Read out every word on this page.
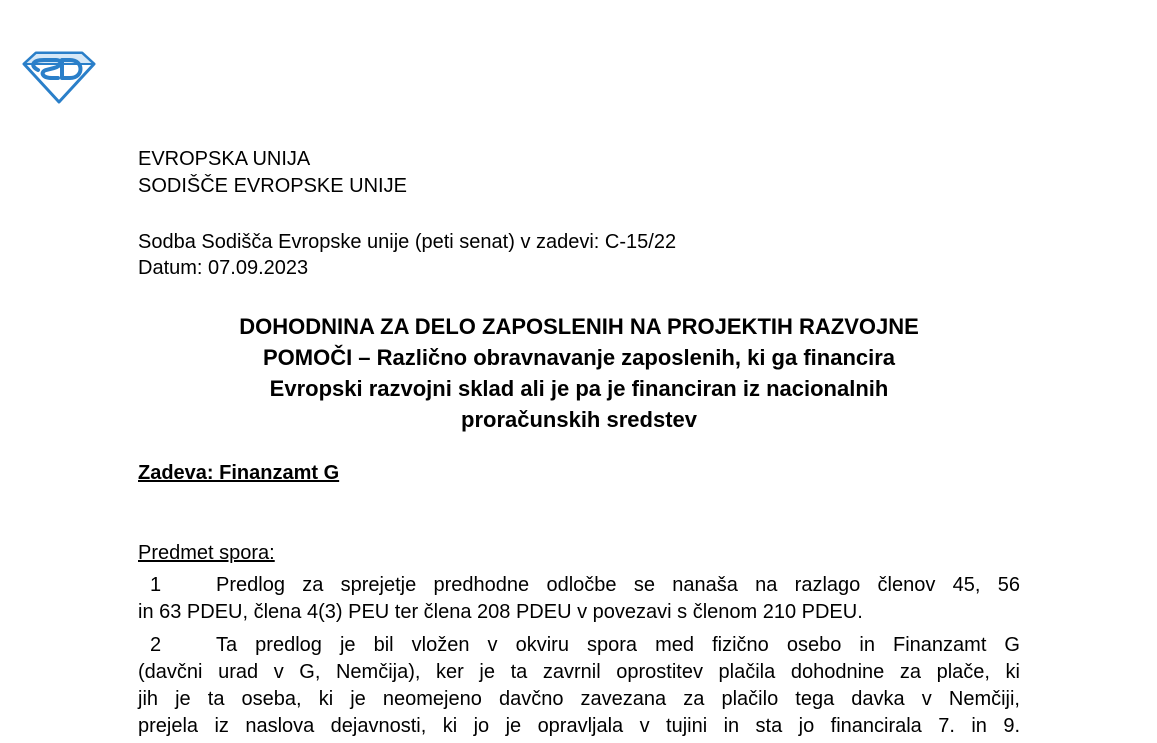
EVROPSKA UNIJA
SODIŠČE EVROPSKE UNIJE
Sodba Sodišča Evropske unije (peti senat) v zadevi: C-15/22
Datum: 07.09.2023
DOHODNINA ZA DELO ZAPOSLENIH NA PROJEKTIH RAZVOJNE
POMOČI – Različno obravnavanje zaposlenih, ki ga financira
Evropski razvojni sklad ali je pa je financiran iz nacionalnih
proračunskih sredstev
Zadeva: Finanzamt G
Predmet spora:
1	Predlog za sprejetje predhodne odločbe se nanaša na razlago členov 45, 56
in 63 PDEU, člena 4(3) PEU ter člena 208 PDEU v povezavi s členom 210 PDEU.
2	Ta predlog je bil vložen v okviru spora med fizično osebo in Finanzamt G
(davčni urad v G, Nemčija), ker je ta zavrnil oprostitev plačila dohodnine za plače, ki
jih je ta oseba, ki je neomejeno davčno zavezana za plačilo tega davka v Nemčiji,
prejela iz naslova dejavnosti, ki jo je opravljala v tujini in sta jo financirala 7. in 9.
